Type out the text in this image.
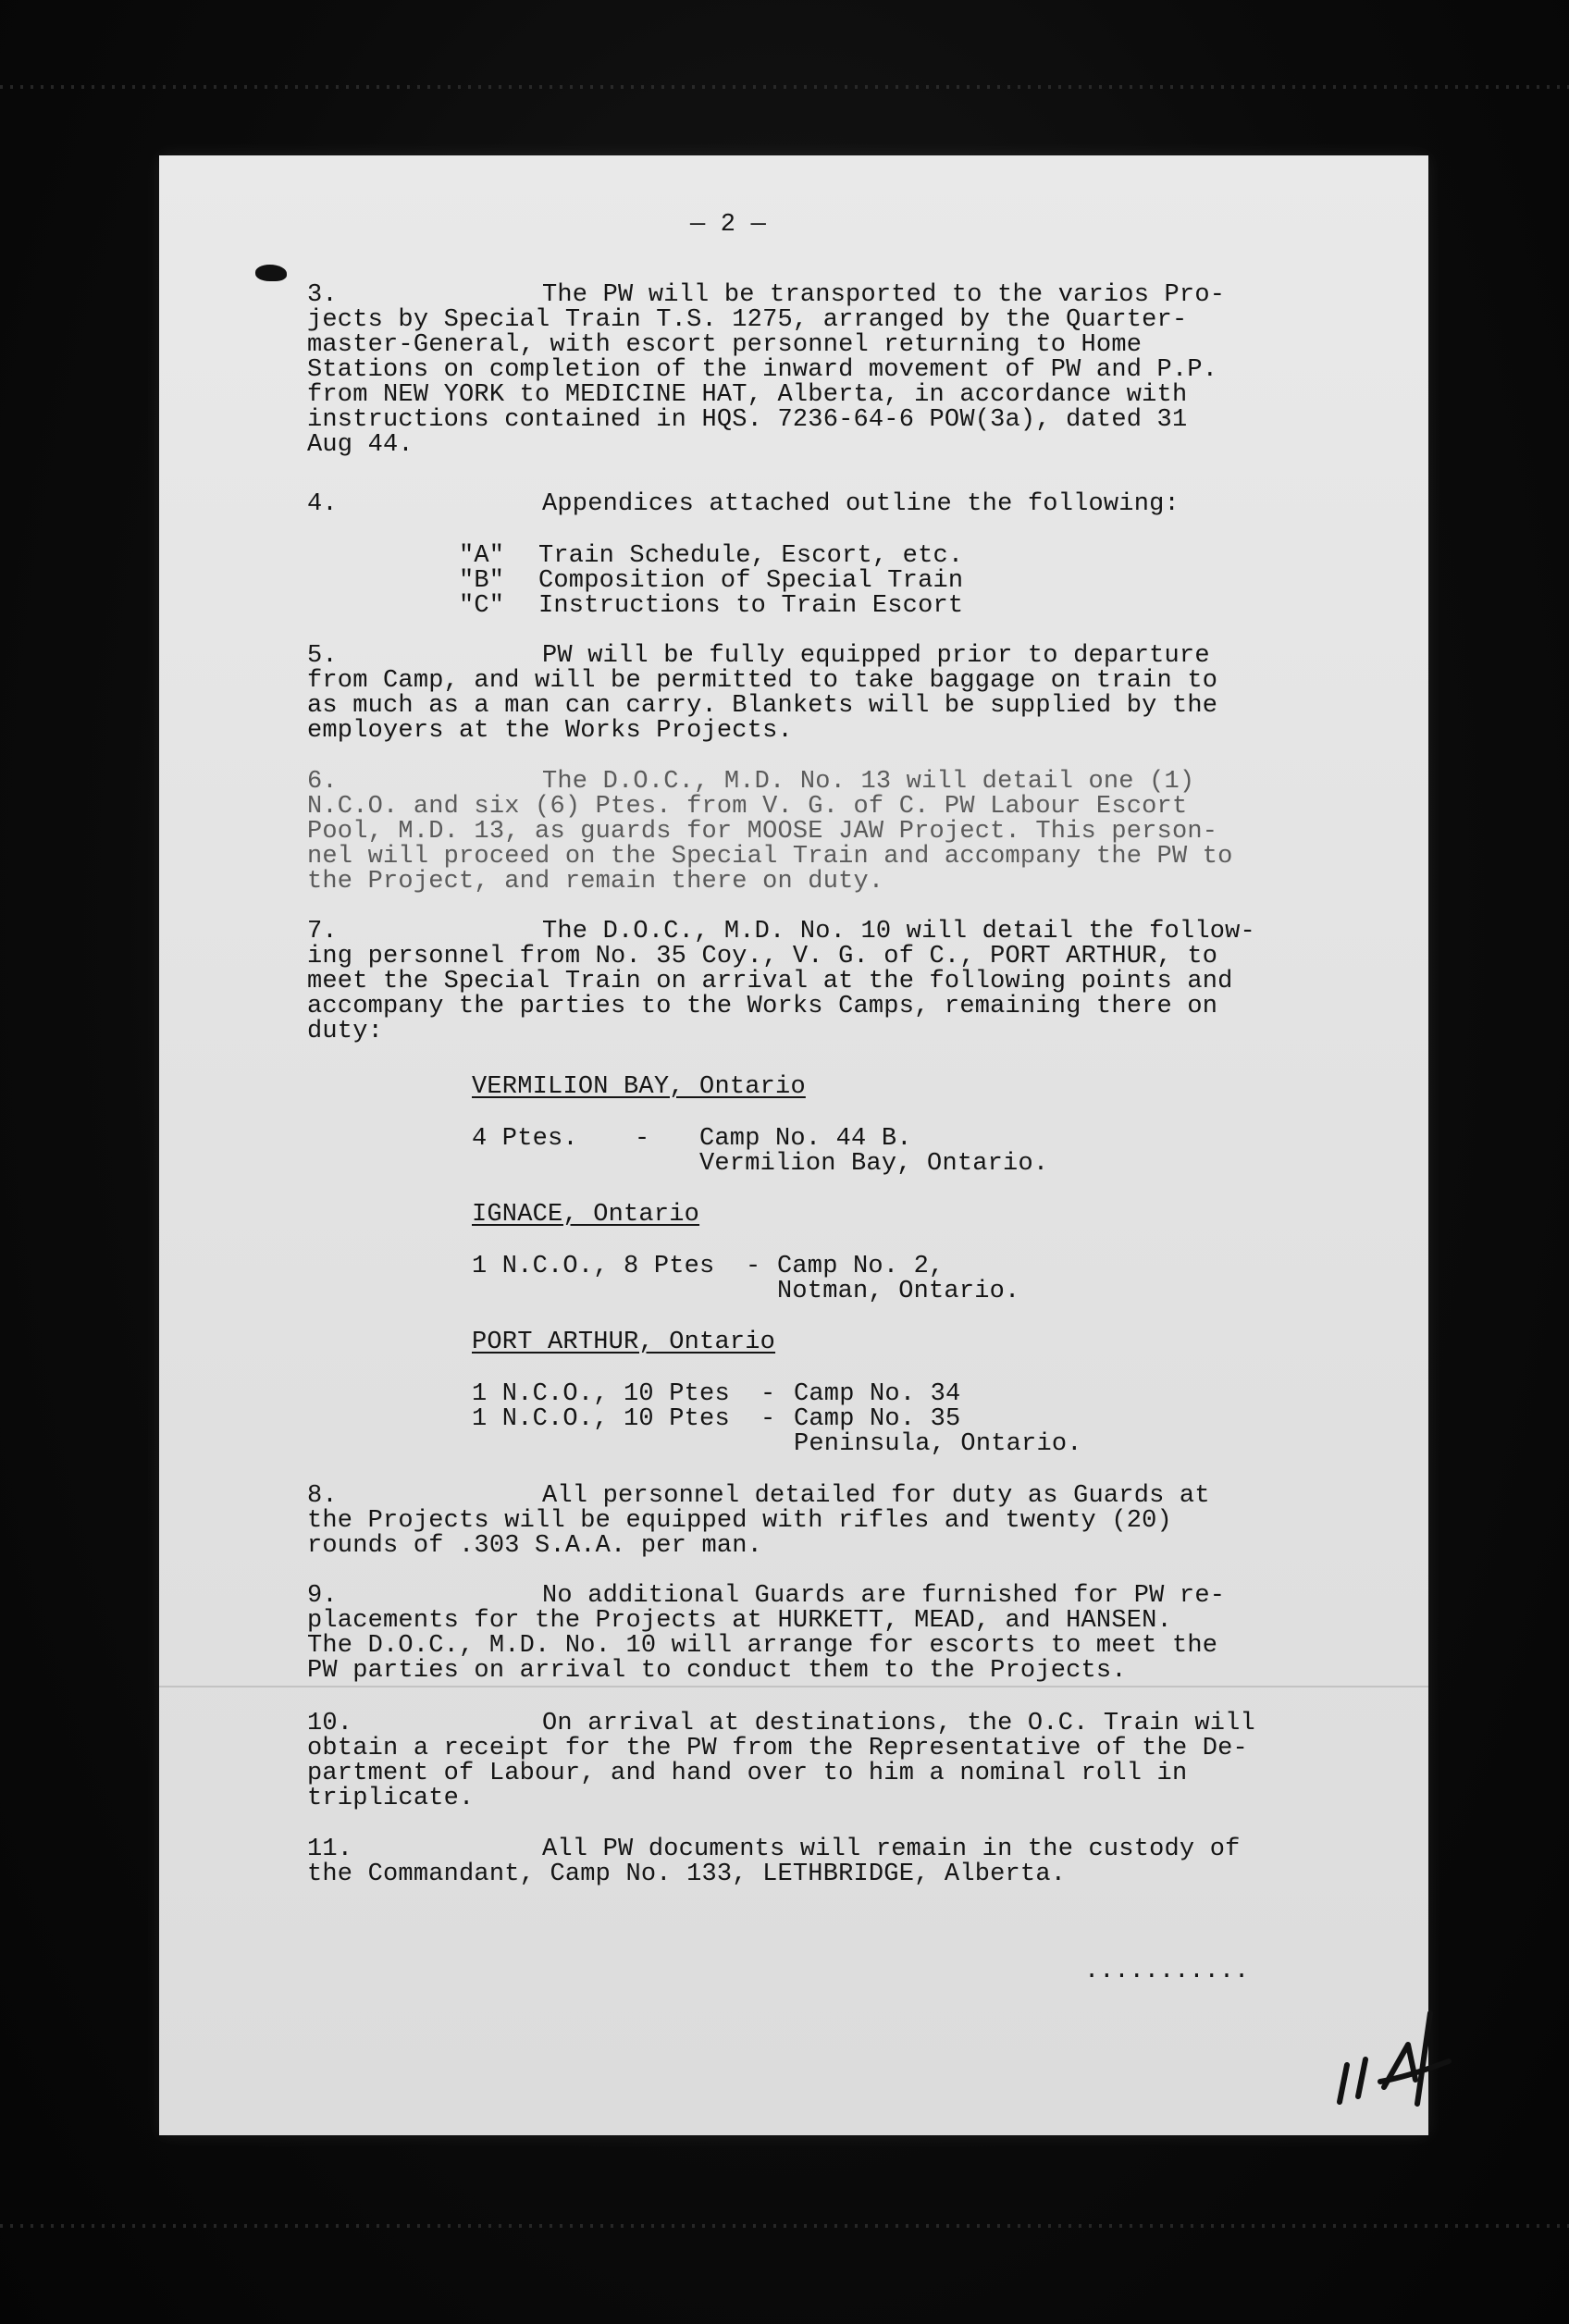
— 2 —
3.	The PW will be transported to the varios Pro-
jects by Special Train T.S. 1275, arranged by the Quarter-
master-General, with escort personnel returning to Home
Stations on completion of the inward movement of PW and P.P.
from NEW YORK to MEDICINE HAT, Alberta, in accordance with
instructions contained in HQS. 7236-64-6 POW(3a), dated 31
Aug 44.
4.	Appendices attached outline the following:
"A" Train Schedule, Escort, etc.
"B" Composition of Special Train
"C" Instructions to Train Escort
5.	PW will be fully equipped prior to departure
from Camp, and will be permitted to take baggage on train to
as much as a man can carry. Blankets will be supplied by the
employers at the Works Projects.
6.	The D.O.C., M.D. No. 13 will detail one (1)
N.C.O. and six (6) Ptes. from V. G. of C. PW Labour Escort
Pool, M.D. 13, as guards for MOOSE JAW Project. This person-
nel will proceed on the Special Train and accompany the PW to
the Project, and remain there on duty.
7.	The D.O.C., M.D. No. 10 will detail the follow-
ing personnel from No. 35 Coy., V. G. of C., PORT ARTHUR, to
meet the Special Train on arrival at the following points and
accompany the parties to the Works Camps, remaining there on
duty:
VERMILION BAY, Ontario
4 Ptes. - Camp No. 44 B.
Vermilion Bay, Ontario.
IGNACE, Ontario
1 N.C.O., 8 Ptes - Camp No. 2,
Notman, Ontario.
PORT ARTHUR, Ontario
1 N.C.O., 10 Ptes - Camp No. 34
1 N.C.O., 10 Ptes - Camp No. 35
Peninsula, Ontario.
8.	All personnel detailed for duty as Guards at
the Projects will be equipped with rifles and twenty (20)
rounds of .303 S.A.A. per man.
9.	No additional Guards are furnished for PW re-
placements for the Projects at HURKETT, MEAD, and HANSEN.
The D.O.C., M.D. No. 10 will arrange for escorts to meet the
PW parties on arrival to conduct them to the Projects.
10.	On arrival at destinations, the O.C. Train will
obtain a receipt for the PW from the Representative of the De-
partment of Labour, and hand over to him a nominal roll in
triplicate.
11.	All PW documents will remain in the custody of
the Commandant, Camp No. 133, LETHBRIDGE, Alberta.
...........
